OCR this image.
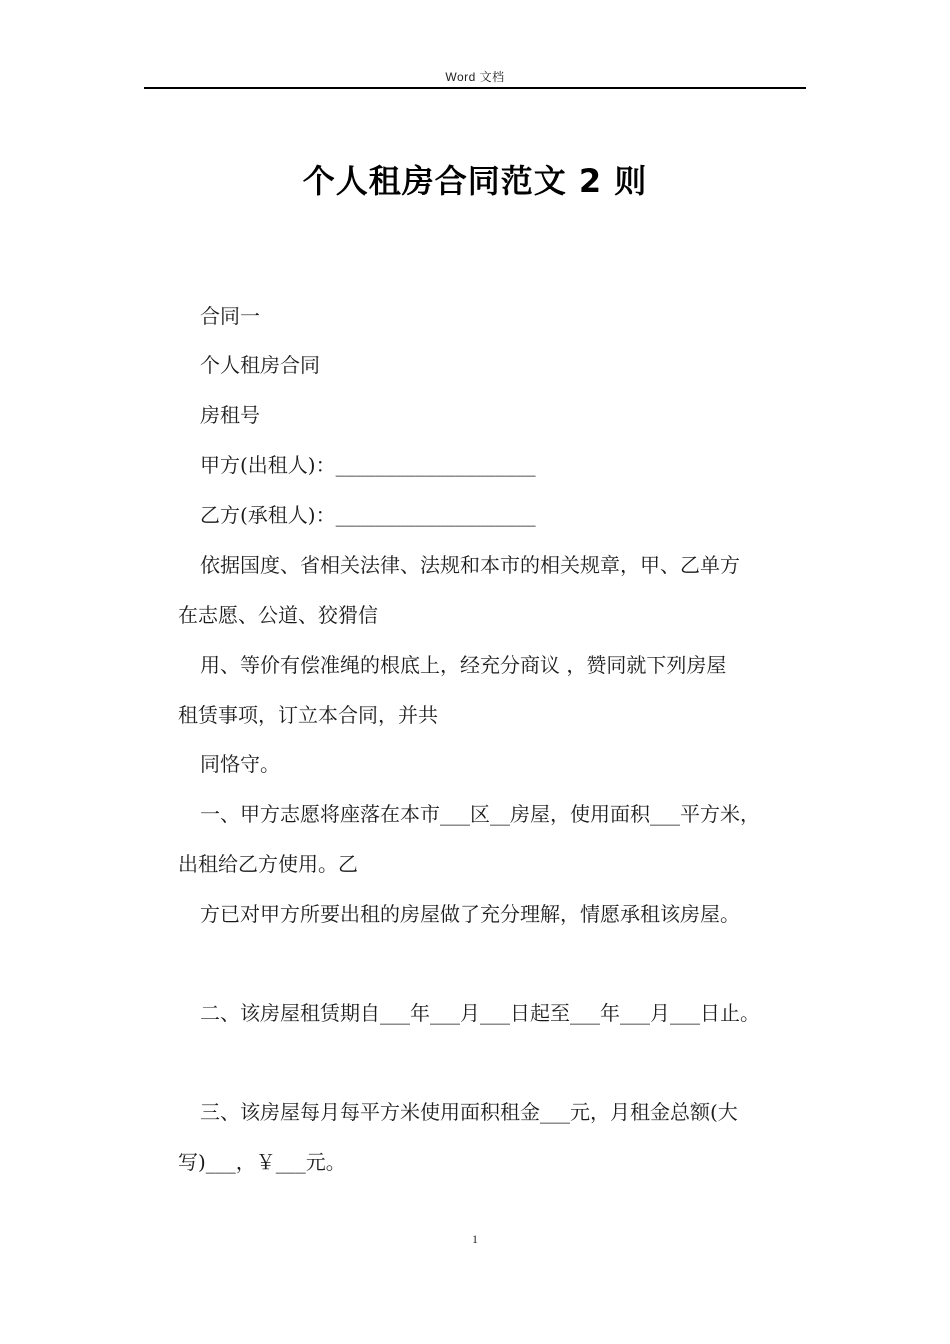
Word 文档
个人租房合同范文 2 则
合同一
个人租房合同
房租号
甲方(出租人)：____________________
乙方(承租人)：____________________
依据国度、省相关法律、法规和本市的相关规章，甲、乙单方
在志愿、公道、狡猾信
用、等价有偿准绳的根底上，经充分商议 ，赞同就下列房屋
租赁事项，订立本合同，并共
同恪守。
一、甲方志愿将座落在本市___区__房屋，使用面积___平方米，
出租给乙方使用。乙
方已对甲方所要出租的房屋做了充分理解，情愿承租该房屋。
二、该房屋租赁期自___年___月___日起至___年___月___日止。
三、该房屋每月每平方米使用面积租金___元，月租金总额(大
写)___，￥___元。
1
